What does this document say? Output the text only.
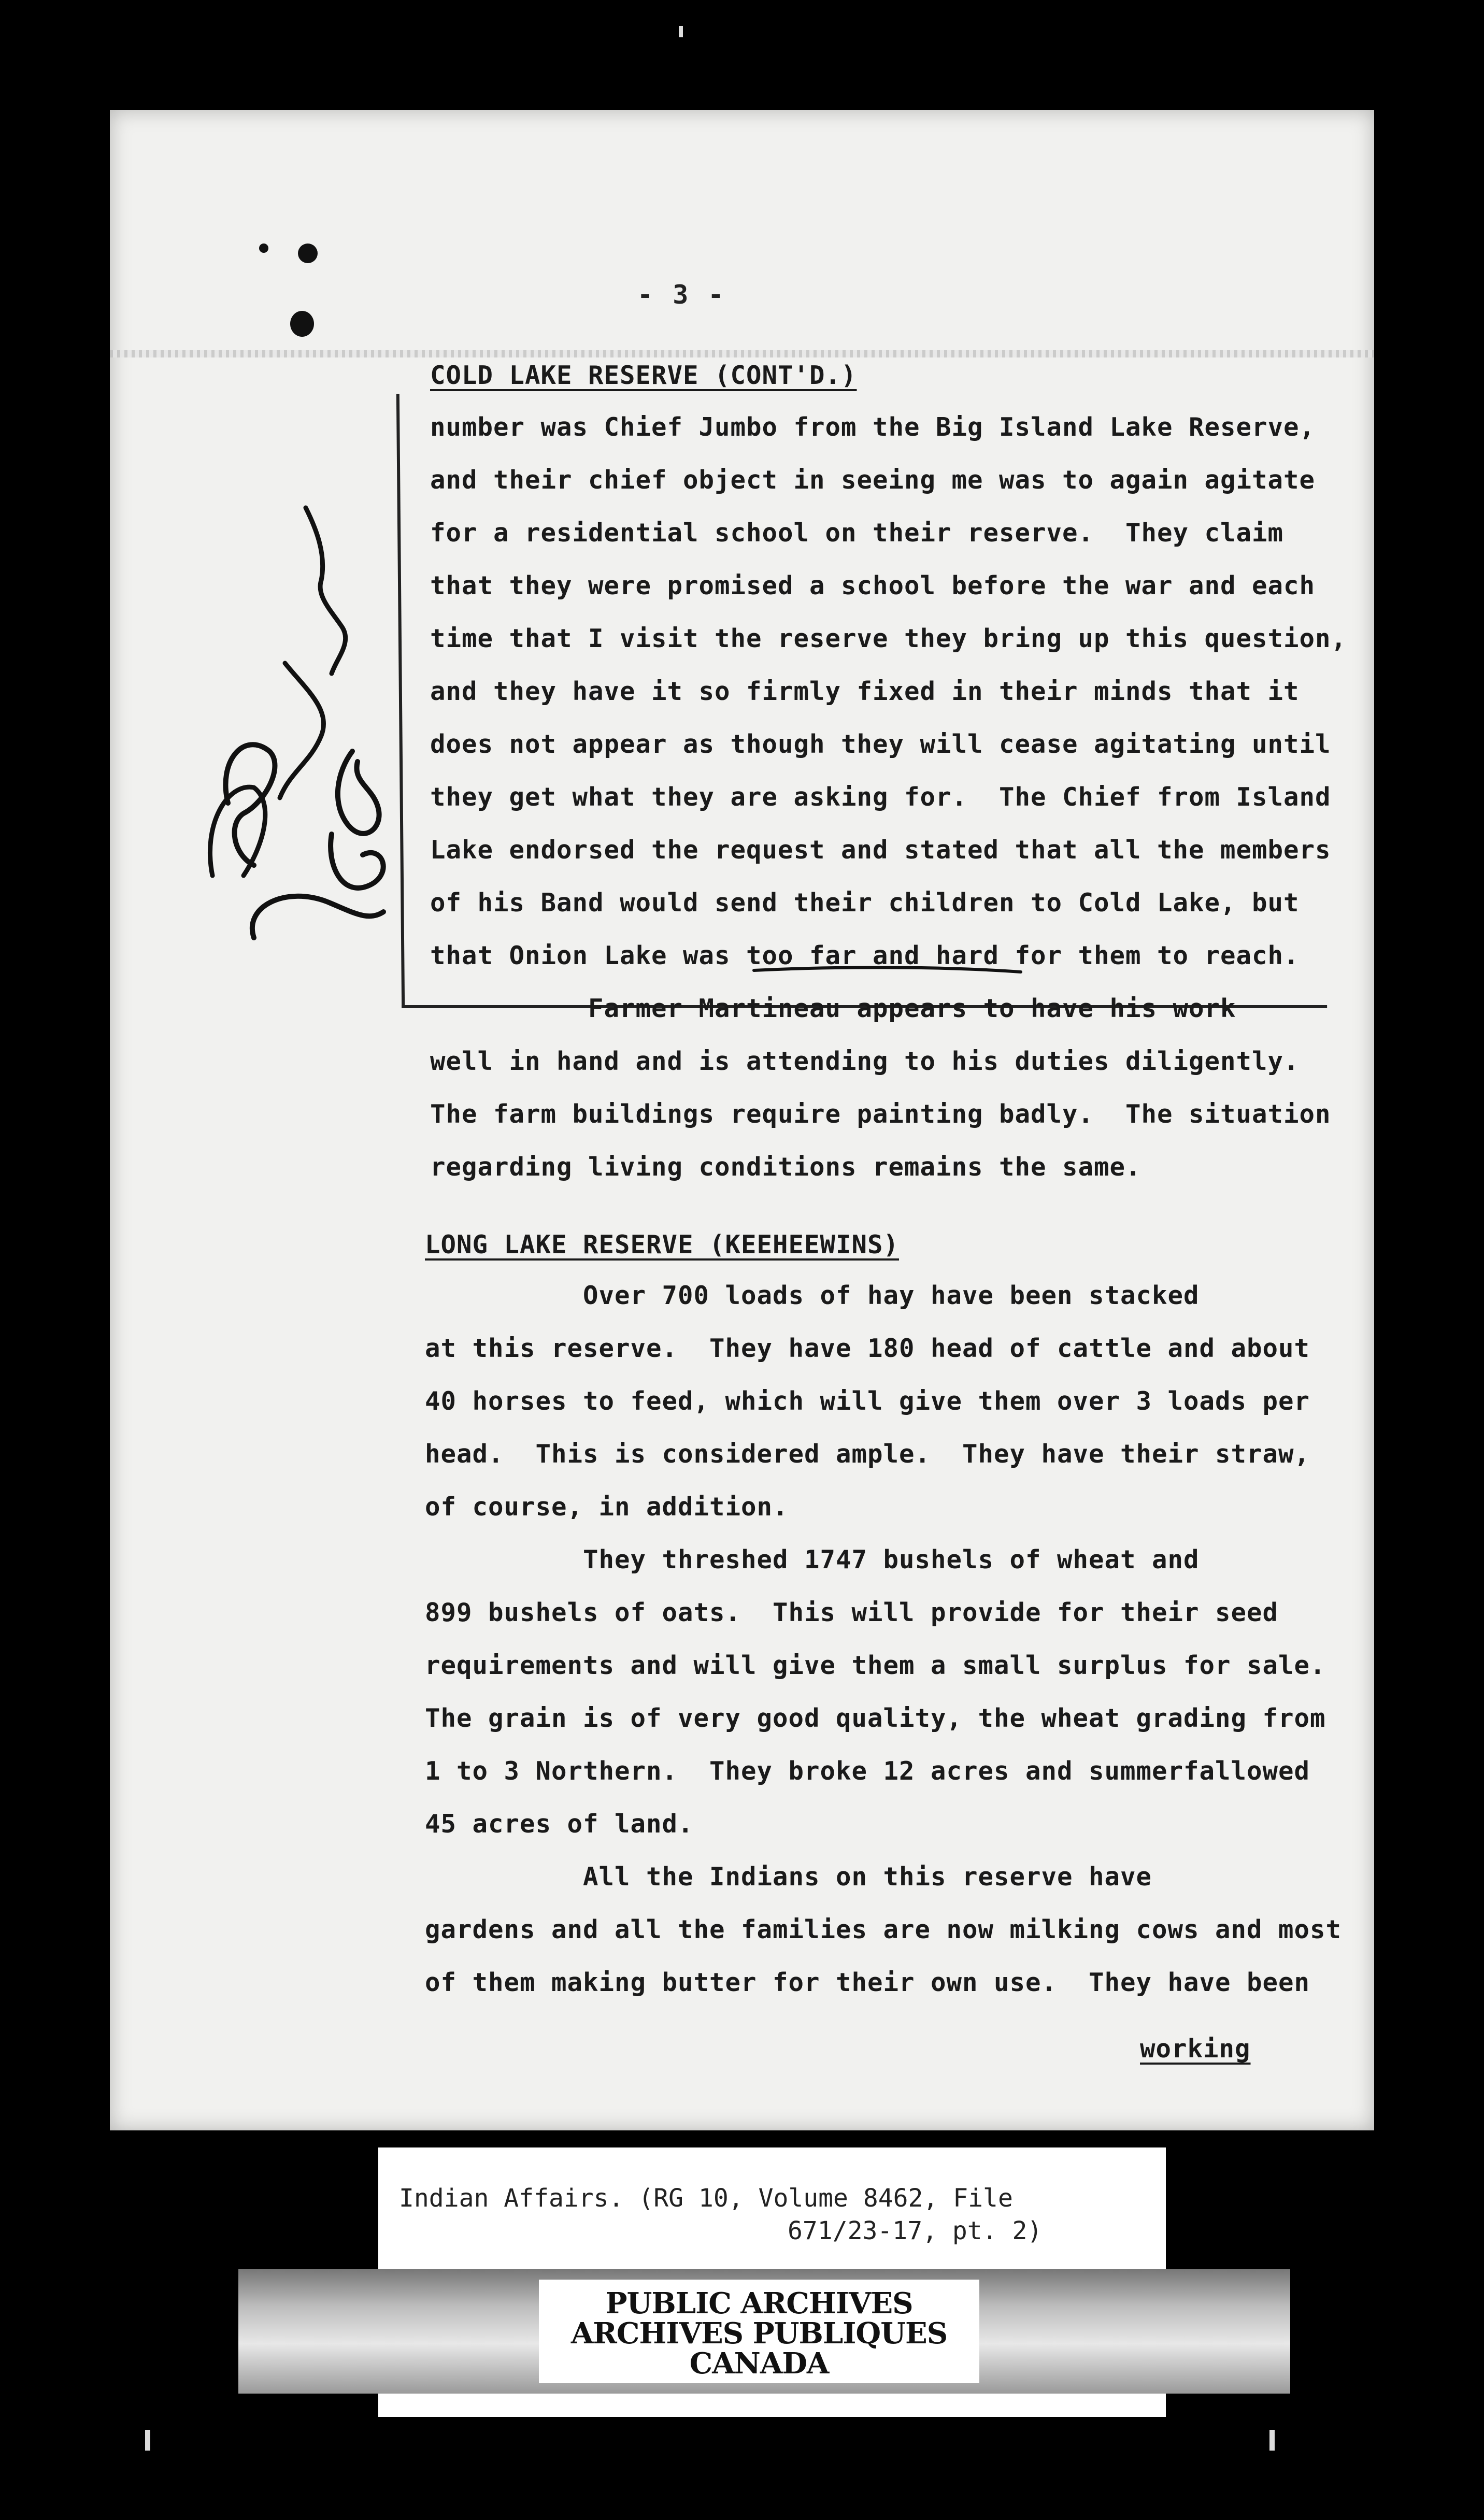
- 3 -
COLD LAKE RESERVE (CONT'D.)
number was Chief Jumbo from the Big Island Lake Reserve,
and their chief object in seeing me was to again agitate
for a residential school on their reserve.  They claim
that they were promised a school before the war and each
time that I visit the reserve they bring up this question,
and they have it so firmly fixed in their minds that it
does not appear as though they will cease agitating until
they get what they are asking for.  The Chief from Island
Lake endorsed the request and stated that all the members
of his Band would send their children to Cold Lake, but
that Onion Lake was too far and hard for them to reach.
Farmer Martineau appears to have his work
well in hand and is attending to his duties diligently.
The farm buildings require painting badly.  The situation
regarding living conditions remains the same.
LONG LAKE RESERVE (KEEHEEWINS)
Over 700 loads of hay have been stacked
at this reserve.  They have 180 head of cattle and about
40 horses to feed, which will give them over 3 loads per
head.  This is considered ample.  They have their straw,
of course, in addition.
They threshed 1747 bushels of wheat and
899 bushels of oats.  This will provide for their seed
requirements and will give them a small surplus for sale.
The grain is of very good quality, the wheat grading from
1 to 3 Northern.  They broke 12 acres and summerfallowed
45 acres of land.
All the Indians on this reserve have
gardens and all the families are now milking cows and most
of them making butter for their own use.  They have been
working
Indian Affairs. (RG 10, Volume 8462, File
671/23-17, pt. 2)
PUBLIC ARCHIVES
ARCHIVES PUBLIQUES
CANADA
